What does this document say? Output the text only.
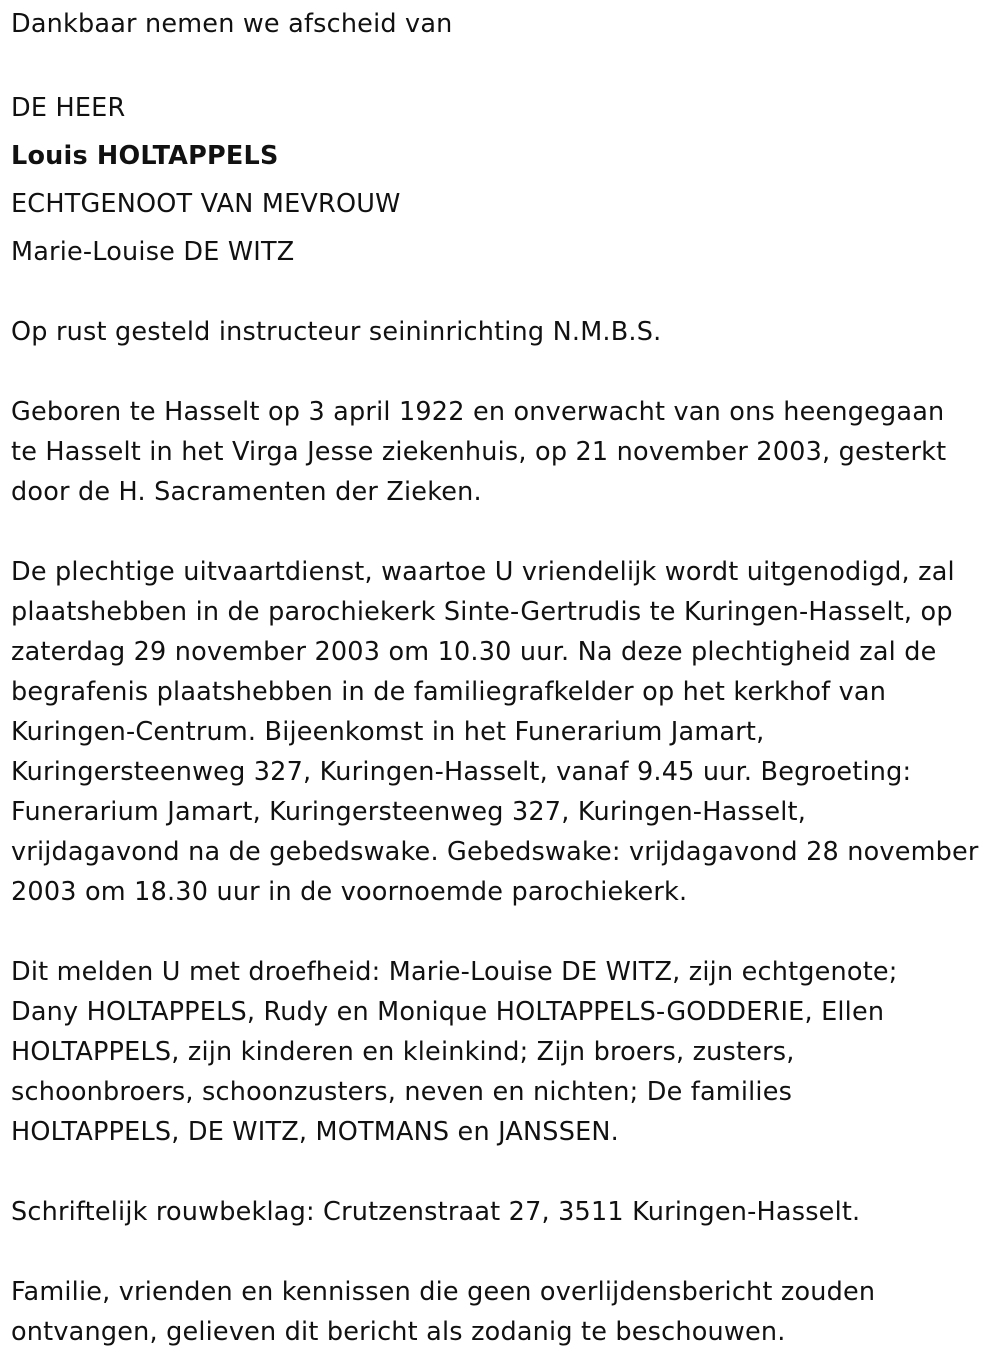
Dankbaar nemen we afscheid van

DE HEER

Louis HOLTAPPELS

ECHTGENOOT VAN MEVROUW

Marie-Louise DE WITZ

Op rust gesteld instructeur seininrichting N.M.B.S.

Geboren te Hasselt op 3 april 1922 en onverwacht van ons heengegaan

te Hasselt in het Virga Jesse ziekenhuis, op 21 november 2003, gesterkt

door de H. Sacramenten der Zieken.

De plechtige uitvaartdienst, waartoe U vriendelijk wordt uitgenodigd, zal

plaatshebben in de parochiekerk Sinte-Gertrudis te Kuringen-Hasselt, op

zaterdag 29 november 2003 om 10.30 uur. Na deze plechtigheid zal de

begrafenis plaatshebben in de familiegrafkelder op het kerkhof van

Kuringen-Centrum. Bijeenkomst in het Funerarium Jamart,

Kuringersteenweg 327, Kuringen-Hasselt, vanaf 9.45 uur. Begroeting:

Funerarium Jamart, Kuringersteenweg 327, Kuringen-Hasselt,

vrijdagavond na de gebedswake. Gebedswake: vrijdagavond 28 november

2003 om 18.30 uur in de voornoemde parochiekerk.

Dit melden U met droefheid: Marie-Louise DE WITZ, zijn echtgenote;

Dany HOLTAPPELS, Rudy en Monique HOLTAPPELS-GODDERIE, Ellen

HOLTAPPELS, zijn kinderen en kleinkind; Zijn broers, zusters,

schoonbroers, schoonzusters, neven en nichten; De families

HOLTAPPELS, DE WITZ, MOTMANS en JANSSEN.

Schriftelijk rouwbeklag: Crutzenstraat 27, 3511 Kuringen-Hasselt.

Familie, vrienden en kennissen die geen overlijdensbericht zouden

ontvangen, gelieven dit bericht als zodanig te beschouwen.
